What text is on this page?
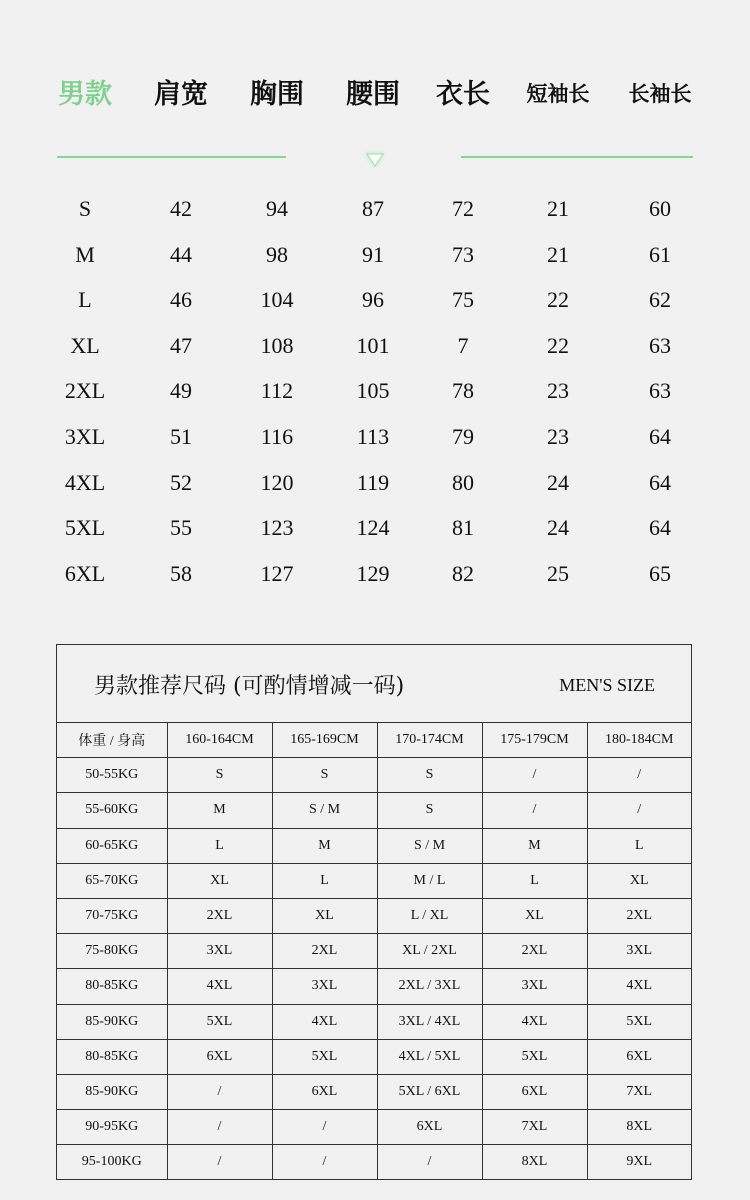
男款 肩宽 胸围 腰围 衣长 短袖长 长袖长
S	42	94	87	72	21	60
M	44	98	91	73	21	61
L	46	104	96	75	22	62
XL	47	108	101	7	22	63
2XL	49	112	105	78	23	63
3XL	51	116	113	79	23	64
4XL	52	120	119	80	24	64
5XL	55	123	124	81	24	64
6XL	58	127	129	82	25	65
男款推荐尺码 (可酌情增减一码)	MEN'S SIZE
体重 / 身高	160-164CM	165-169CM	170-174CM	175-179CM	180-184CM
50-55KG	S	S	S	/	/
55-60KG	M	S / M	S	/	/
60-65KG	L	M	S / M	M	L
65-70KG	XL	L	M / L	L	XL
70-75KG	2XL	XL	L / XL	XL	2XL
75-80KG	3XL	2XL	XL / 2XL	2XL	3XL
80-85KG	4XL	3XL	2XL / 3XL	3XL	4XL
85-90KG	5XL	4XL	3XL / 4XL	4XL	5XL
80-85KG	6XL	5XL	4XL / 5XL	5XL	6XL
85-90KG	/	6XL	5XL / 6XL	6XL	7XL
90-95KG	/	/	6XL	7XL	8XL
95-100KG	/	/	/	8XL	9XL
